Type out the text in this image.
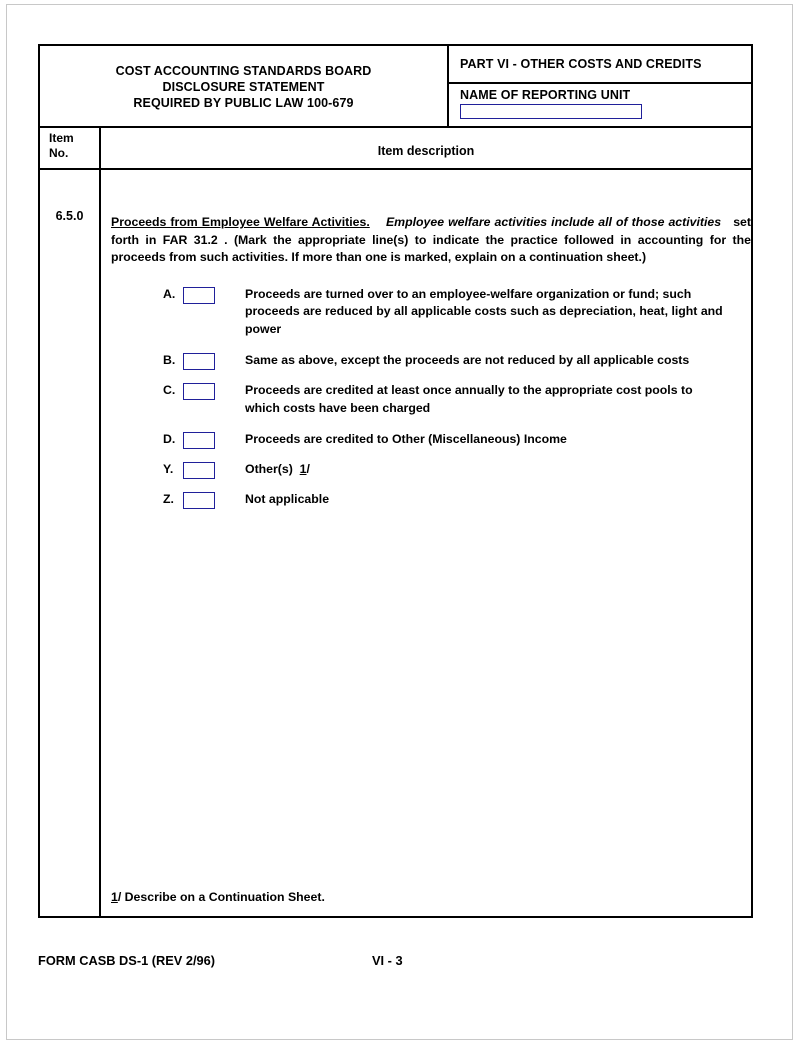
COST ACCOUNTING STANDARDS BOARD
DISCLOSURE STATEMENT
REQUIRED BY PUBLIC LAW 100-679
PART VI - OTHER COSTS AND CREDITS
NAME OF REPORTING UNIT
Item
No.	Item description
6.5.0	Proceeds from Employee Welfare Activities. Employee welfare activities include all of those activities set forth in FAR 31.2 . (Mark the appropriate line(s) to indicate the practice followed in accounting for the proceeds from such activities. If more than one is marked, explain on a continuation sheet.)

A.	Proceeds are turned over to an employee-welfare organization or fund; such proceeds are reduced by all applicable costs such as depreciation, heat, light and power
B.	Same as above, except the proceeds are not reduced by all applicable costs
C.	Proceeds are credited at least once annually to the appropriate cost pools to which costs have been charged
D.	Proceeds are credited to Other (Miscellaneous) Income
Y.	Other(s) 1/
Z.	Not applicable
1/ Describe on a Continuation Sheet.
FORM CASB DS-1 (REV 2/96)	VI - 3
